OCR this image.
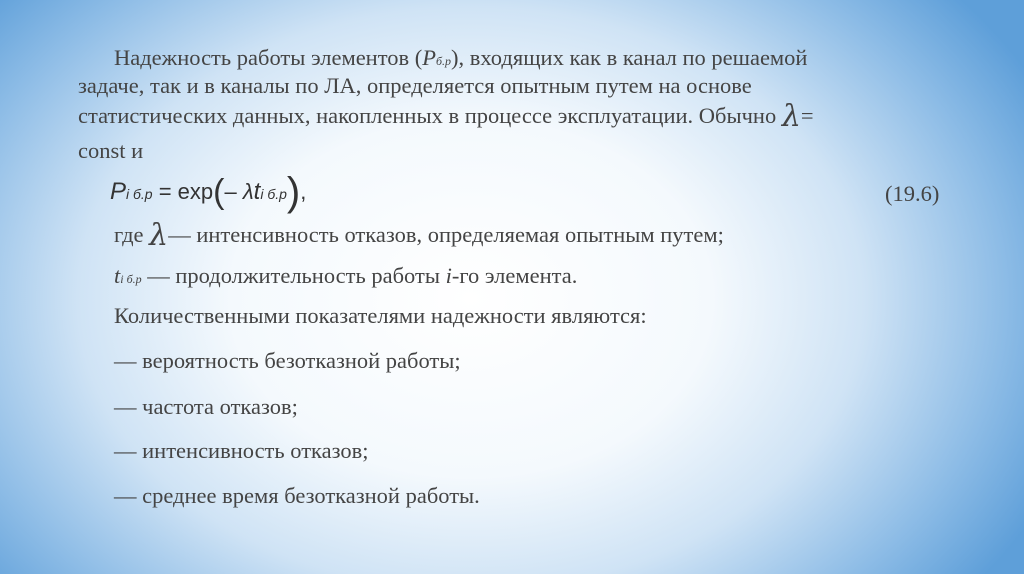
Надежность работы элементов (Pб.р), входящих как в канал по решаемой
задаче, так и в каналы по ЛА, определяется опытным путем на основе
статистических данных, накопленных в процессе эксплуатации. Обычно λ=
const и
Pi б.р = exp(– λti б.р),	(19.6)
где λ— интенсивность отказов, определяемая опытным путем;
ti б.р — продолжительность работы i-го элемента.
Количественными показателями надежности являются:
— вероятность безотказной работы;
— частота отказов;
— интенсивность отказов;
— среднее время безотказной работы.
